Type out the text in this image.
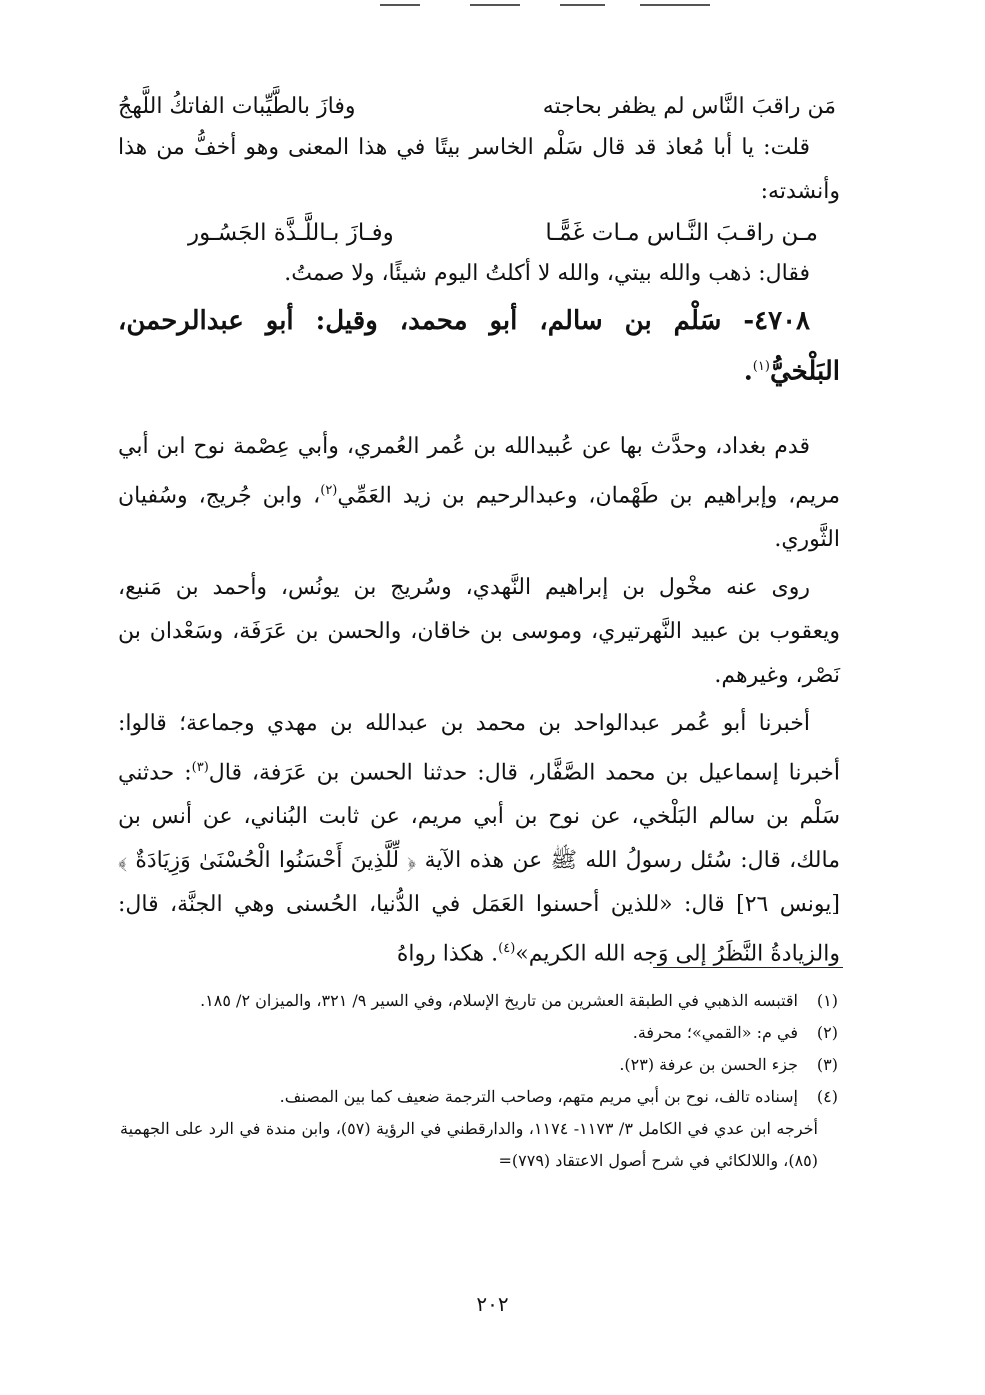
مَن راقبَ النَّاس لم يظفر بحاجته
وفازَ بالطَّيِّبات الفاتكُ اللَّهجُ

قلت: يا أبا مُعاذ قد قال سَلْم الخاسر بيتًا في هذا المعنى وهو أخفُّ من هذا وأنشدته:

مـن راقـبَ النَّـاس مـات غَمًّـا
وفـازَ بـاللَّـذَّة الجَسُـور

فقال: ذهب والله بيتي، والله لا أكلتُ اليوم شيئًا، ولا صمتُ.

٤٧٠٨- سَلْم بن سالم، أبو محمد، وقيل: أبو عبدالرحمن، البَلْخيُّ$^{(١)}$.

قدم بغداد، وحدَّث بها عن عُبيدالله بن عُمر العُمري، وأبي عِصْمة نوح ابن أبي مريم، وإبراهيم بن طَهْمان، وعبدالرحيم بن زيد العَمِّي$^{(٢)}$، وابن جُريج، وسُفيان الثَّوري.

روى عنه مخْول بن إبراهيم النَّهدي، وسُريج بن يونُس، وأحمد بن مَنيع، ويعقوب بن عبيد النَّهرتيري، وموسى بن خاقان، والحسن بن عَرَفَة، وسَعْدان بن نَصْر، وغيرهم.

أخبرنا أبو عُمر عبدالواحد بن محمد بن عبدالله بن مهدي وجماعة؛ قالوا: أخبرنا إسماعيل بن محمد الصَّفَّار، قال: حدثنا الحسن بن عَرَفة، قال$^{(٣)}$: حدثني سَلْم بن سالم البَلْخي، عن نوح بن أبي مريم، عن ثابت البُناني، عن أنس بن مالك، قال: سُئل رسولُ الله ﷺ عن هذه الآية ﴿ لِّلَّذِينَ أَحْسَنُوا الْحُسْنَىٰ وَزِيَادَةٌ ﴾ [يونس ٢٦] قال: «للذين أحسنوا العَمَل في الدُّنيا، الحُسنى وهي الجنَّة، قال: والزيادةُ النَّظَرُ إلى وَجه الله الكريم»$^{(٤)}$. هكذا رواهُ

(١)
اقتبسه الذهبي في الطبقة العشرين من تاريخ الإسلام، وفي السير ٩/ ٣٢١، والميزان ٢/ ١٨٥.
(٢)
في م: «القمي»؛ محرفة.
(٣)
جزء الحسن بن عرفة (٢٣).
(٤)
إسناده تالف، نوح بن أبي مريم متهم، وصاحب الترجمة ضعيف كما بين المصنف.
أخرجه ابن عدي في الكامل ٣/ ١١٧٣- ١١٧٤، والدارقطني في الرؤية (٥٧)، وابن مندة في الرد على الجهمية (٨٥)، واللالكائي في شرح أصول الاعتقاد (٧٧٩)=
٢٠٢
